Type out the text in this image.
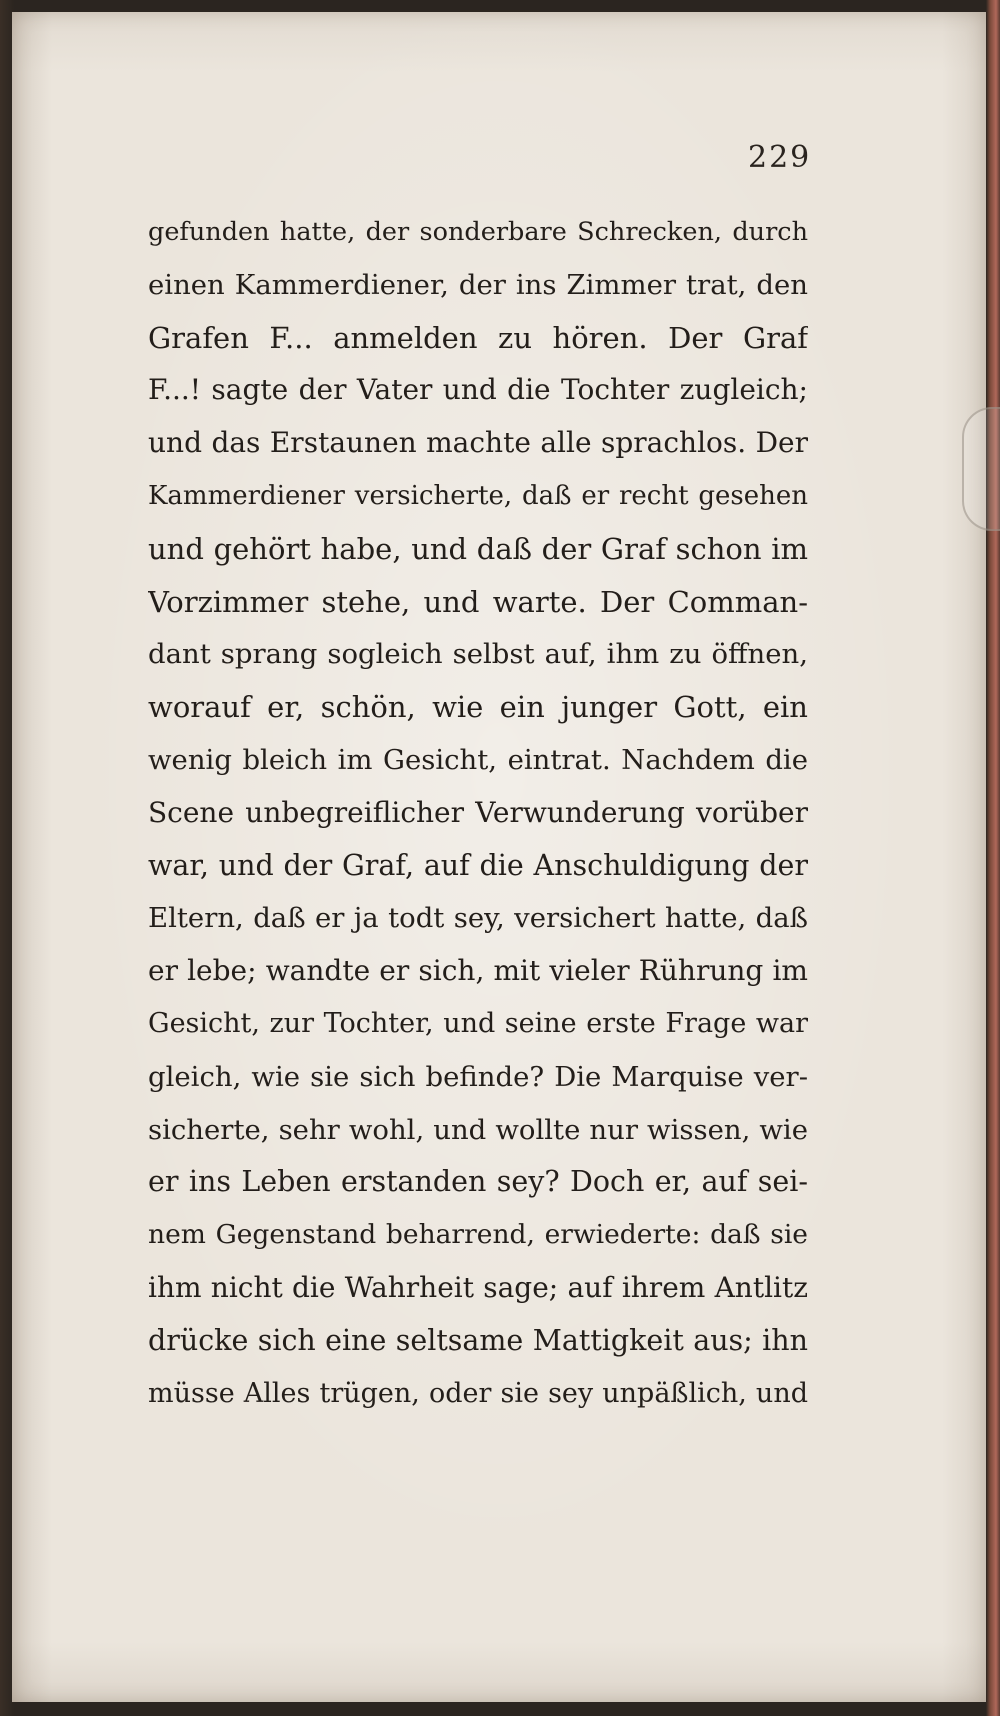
229
gefunden hatte, der sonderbare Schrecken, durch
einen Kammerdiener, der ins Zimmer trat, den
Grafen F... anmelden zu hören. Der Graf
F...! sagte der Vater und die Tochter zugleich;
und das Erstaunen machte alle sprachlos. Der
Kammerdiener versicherte, daß er recht gesehen
und gehört habe, und daß der Graf schon im
Vorzimmer stehe, und warte. Der Comman-
dant sprang sogleich selbst auf, ihm zu öffnen,
worauf er, schön, wie ein junger Gott, ein
wenig bleich im Gesicht, eintrat. Nachdem die
Scene unbegreiflicher Verwunderung vorüber
war, und der Graf, auf die Anschuldigung der
Eltern, daß er ja todt sey, versichert hatte, daß
er lebe; wandte er sich, mit vieler Rührung im
Gesicht, zur Tochter, und seine erste Frage war
gleich, wie sie sich befinde? Die Marquise ver-
sicherte, sehr wohl, und wollte nur wissen, wie
er ins Leben erstanden sey? Doch er, auf sei-
nem Gegenstand beharrend, erwiederte: daß sie
ihm nicht die Wahrheit sage; auf ihrem Antlitz
drücke sich eine seltsame Mattigkeit aus; ihn
müsse Alles trügen, oder sie sey unpäßlich, und
